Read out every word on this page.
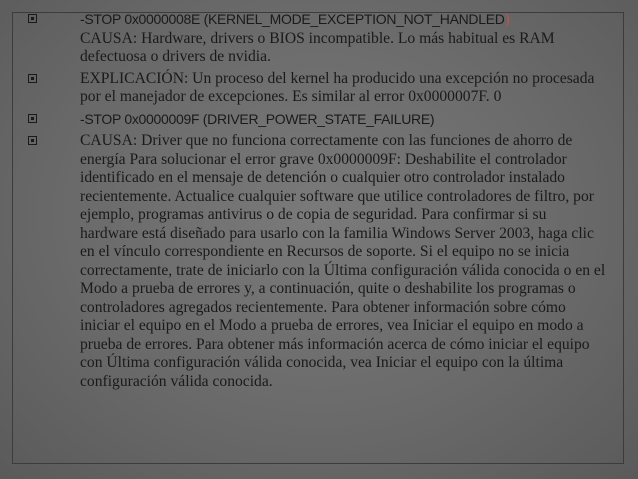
-STOP 0x0000008E (KERNEL_MODE_EXCEPTION_NOT_HANDLED)
CAUSA: Hardware, drivers o BIOS incompatible. Lo más habitual es RAM defectuosa o drivers de nvidia.
EXPLICACIÓN: Un proceso del kernel ha producido una excepción no procesada por el manejador de excepciones. Es similar al error 0x0000007F. 0
-STOP 0x0000009F (DRIVER_POWER_STATE_FAILURE)
CAUSA: Driver que no funciona correctamente con las funciones de ahorro de energía Para solucionar el error grave 0x0000009F: Deshabilite el controlador identificado en el mensaje de detención o cualquier otro controlador instalado recientemente. Actualice cualquier software que utilice controladores de filtro, por ejemplo, programas antivirus o de copia de seguridad. Para confirmar si su hardware está diseñado para usarlo con la familia Windows Server 2003, haga clic en el vínculo correspondiente en Recursos de soporte. Si el equipo no se inicia correctamente, trate de iniciarlo con la Última configuración válida conocida o en el Modo a prueba de errores y, a continuación, quite o deshabilite los programas o controladores agregados recientemente. Para obtener información sobre cómo iniciar el equipo en el Modo a prueba de errores, vea Iniciar el equipo en modo a prueba de errores. Para obtener más información acerca de cómo iniciar el equipo con Última configuración válida conocida, vea Iniciar el equipo con la última configuración válida conocida.
